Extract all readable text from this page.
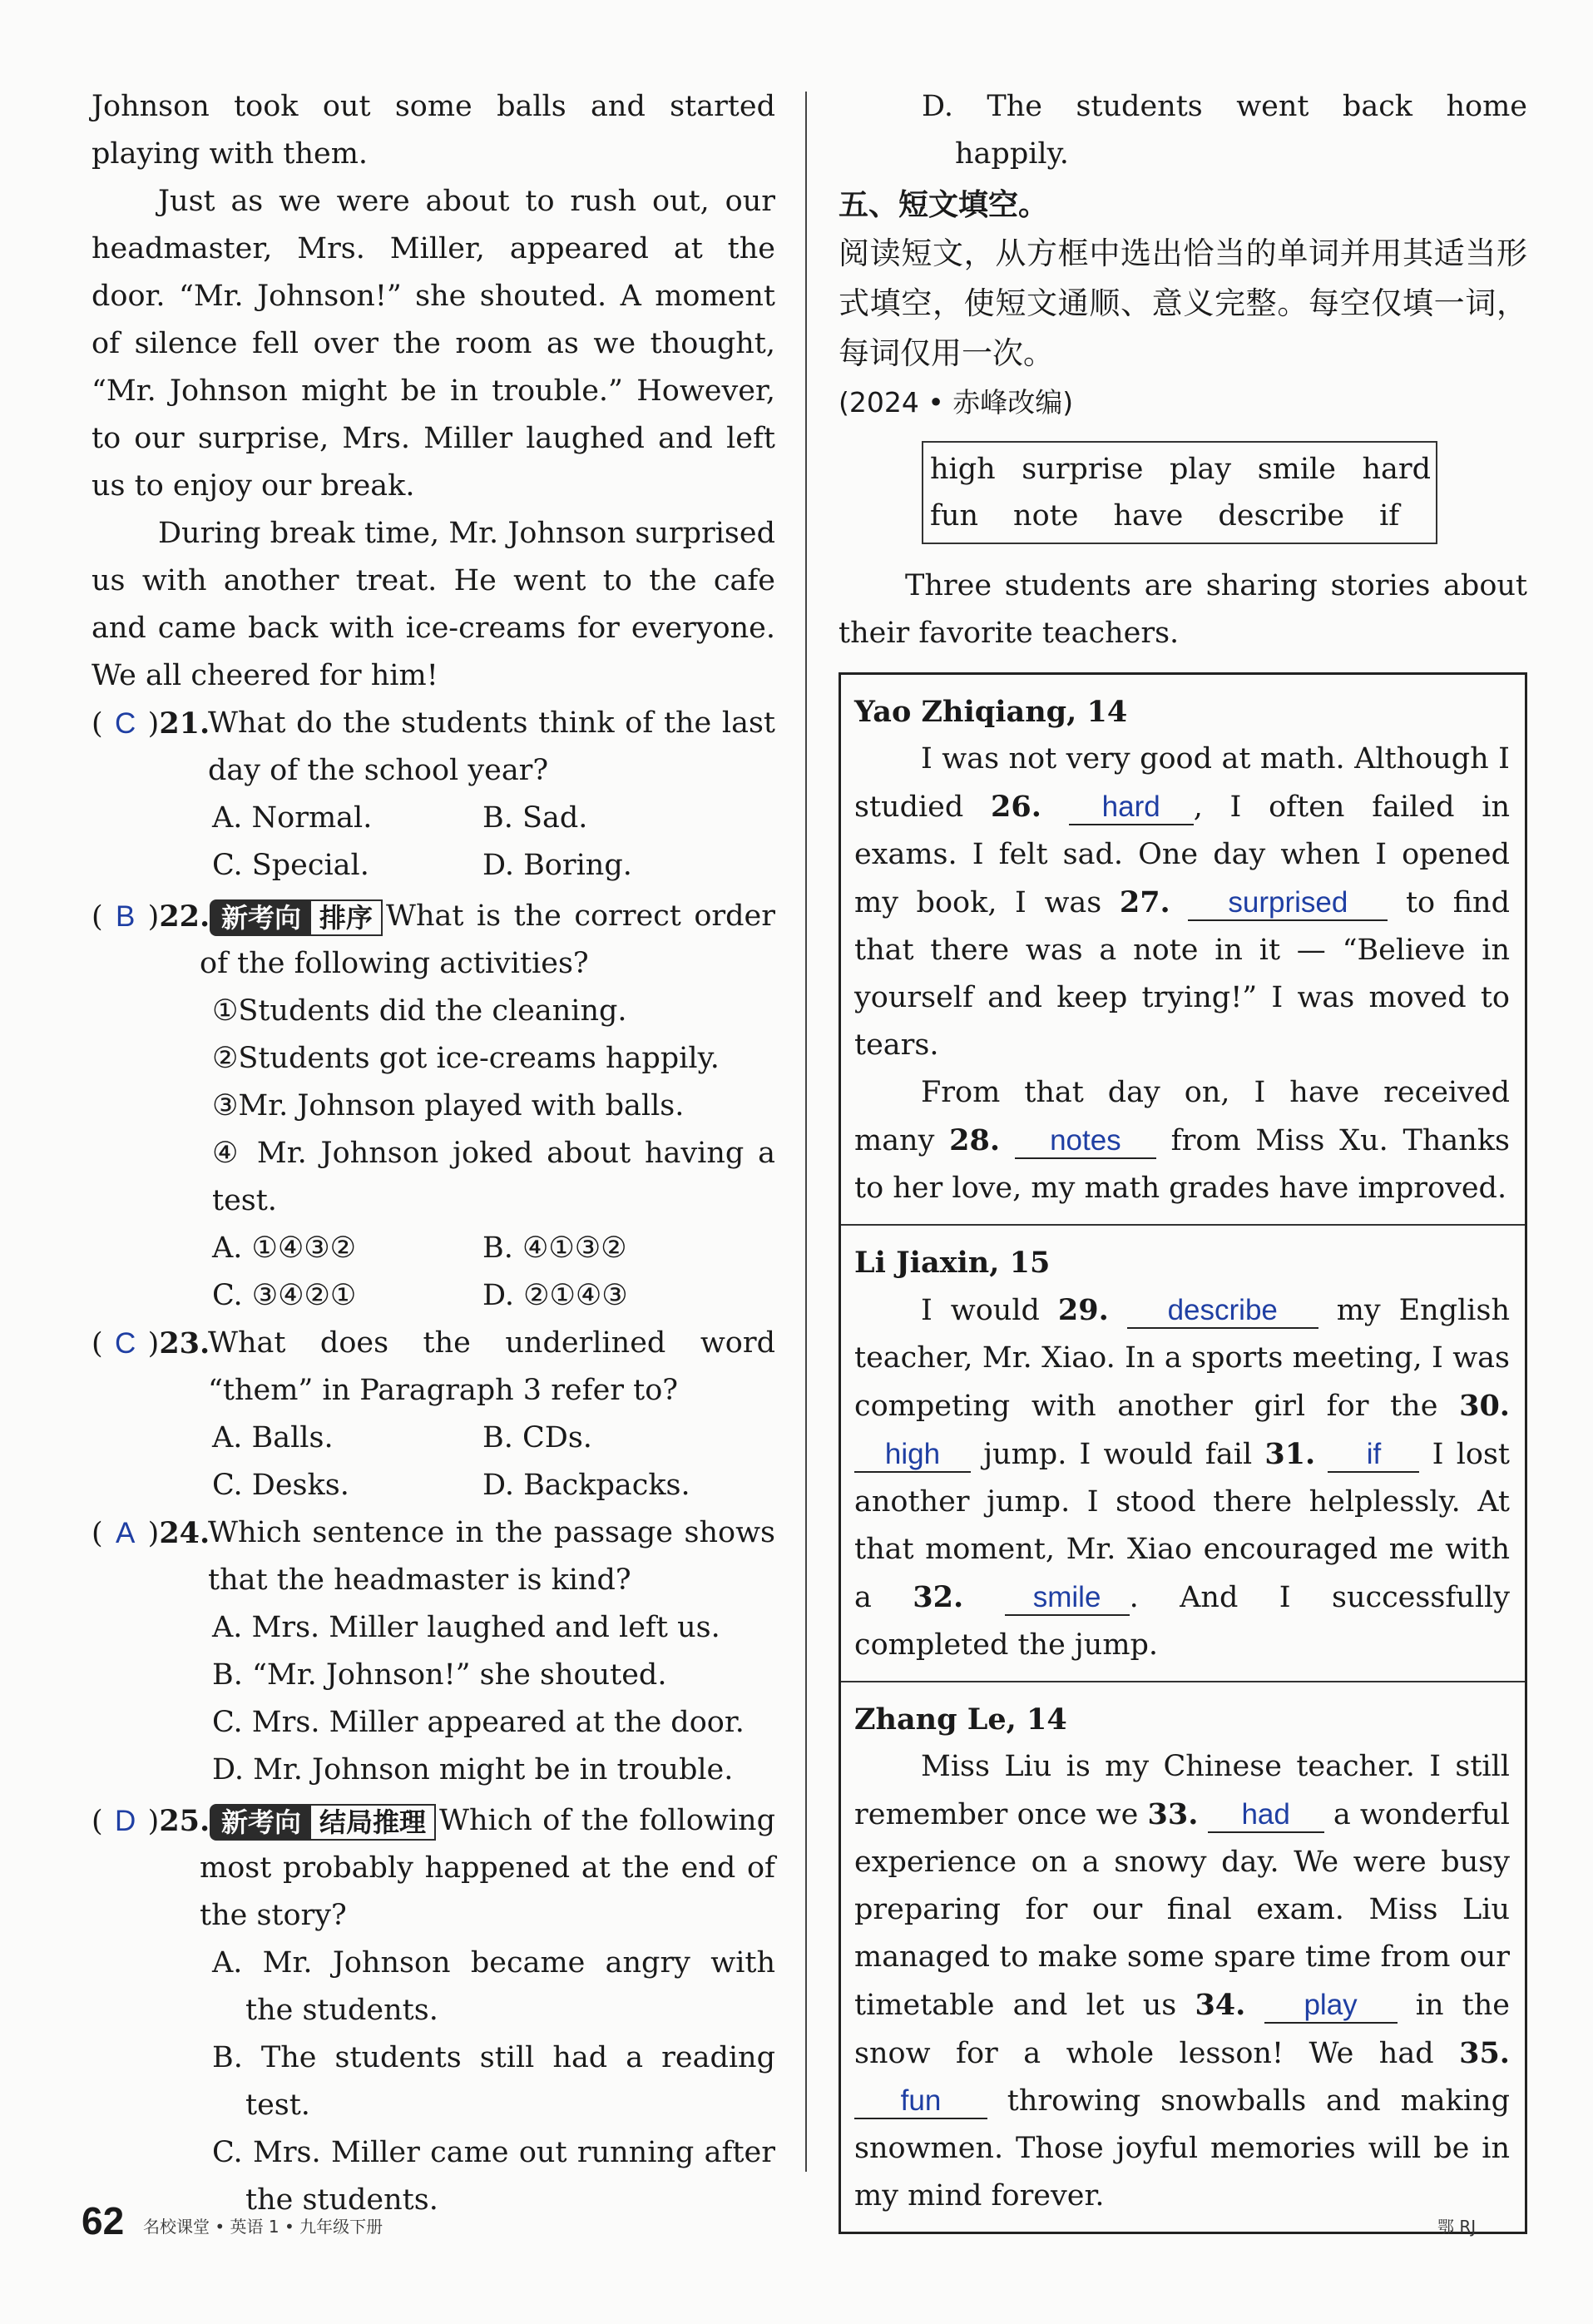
Johnson took out some balls and started playing with them.

Just as we were about to rush out, our headmaster, Mrs. Miller, appeared at the door. “Mr. Johnson!” she shouted. A moment of silence fell over the room as we thought, “Mr. Johnson might be in trouble.” However, to our surprise, Mrs. Miller laughed and left us to enjoy our break.

During break time, Mr. Johnson surprised us with another treat. He went to the cafe and came back with ice-creams for everyone. We all cheered for him!

( C )21.

What do the students think of the last day of the school year?

A. Normal.	B. Sad.
C. Special.	D. Boring.
( B )22. 新考向 排序 What is the correct order of the following activities?

①Students did the cleaning.

②Students got ice-creams happily.

③Mr. Johnson played with balls.

④ Mr. Johnson joked about having a test.

A. ①④③②	B. ④①③②
C. ③④②①	D. ②①④③
( C )23.

What does the underlined word “them” in Paragraph 3 refer to?

A. Balls.	B. CDs.
C. Desks.	D. Backpacks.
( A )24.

Which sentence in the passage shows that the headmaster is kind?

A. Mrs. Miller laughed and left us.

B. “Mr. Johnson!” she shouted.

C. Mrs. Miller appeared at the door.

D. Mr. Johnson might be in trouble.

( D )25. 新考向 结局推理 Which of the following most probably happened at the end of the story?

A. Mr. Johnson became angry with the students.

B. The students still had a reading test.

C. Mrs. Miller came out running after the students.

D. The students went back home happily.

五、短文填空。

阅读短文，从方框中选出恰当的单词并用其适当形式填空，使短文通顺、意义完整。每空仅填一词，每词仅用一次。

(2024 • 赤峰改编)

high surprise play smile hard
fun note have describe if

Three students are sharing stories about their favorite teachers.

Yao Zhiqiang, 14

I was not very good at math. Although I studied 26. hard , I often failed in exams. I felt sad. One day when I opened my book, I was 27. surprised to find that there was a note in it — “Believe in yourself and keep trying!” I was moved to tears.

From that day on, I have received many 28. notes from Miss Xu. Thanks to her love, my math grades have improved.

Li Jiaxin, 15

I would 29. describe my English teacher, Mr. Xiao. In a sports meeting, I was competing with another girl for the 30. high jump. I would fail 31. if I lost another jump. I stood there helplessly. At that moment, Mr. Xiao encouraged me with a 32. smile . And I successfully completed the jump.

Zhang Le, 14

Miss Liu is my Chinese teacher. I still remember once we 33. had a wonderful experience on a snowy day. We were busy preparing for our final exam. Miss Liu managed to make some spare time from our timetable and let us 34. play in the snow for a whole lesson! We had 35. fun throwing snowballs and making snowmen. Those joyful memories will be in my mind forever.

62 名校课堂 • 英语 1 • 九年级下册	鄂 RJ
